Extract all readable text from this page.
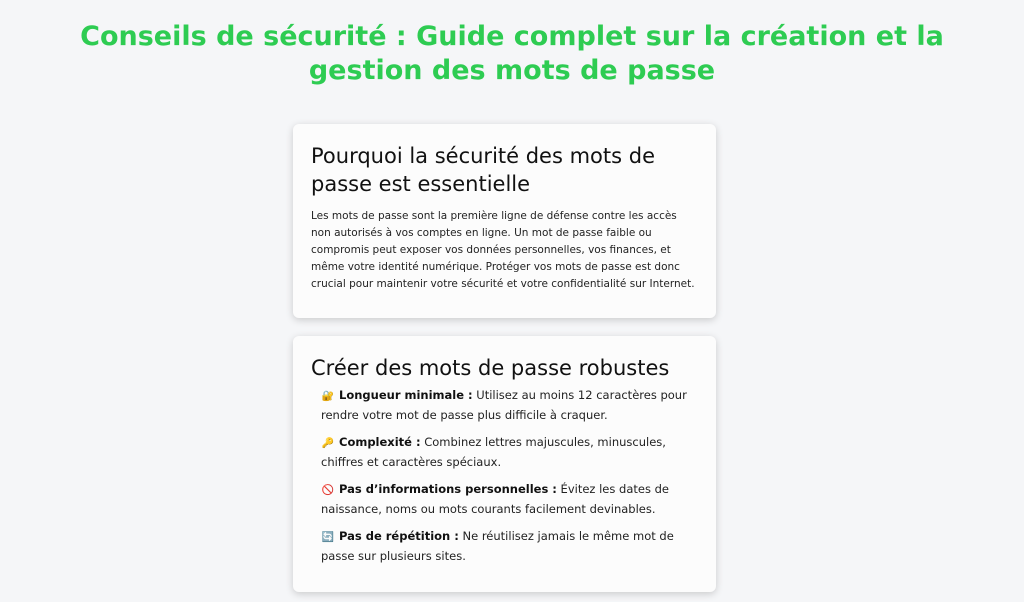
Conseils de sécurité : Guide complet sur la création et la gestion des mots de passe
Pourquoi la sécurité des mots de passe est essentielle

Les mots de passe sont la première ligne de défense contre les accès non autorisés à vos comptes en ligne. Un mot de passe faible ou compromis peut exposer vos données personnelles, vos finances, et même votre identité numérique. Protéger vos mots de passe est donc crucial pour maintenir votre sécurité et votre confidentialité sur Internet.

Créer des mots de passe robustes
🔐 Longueur minimale : Utilisez au moins 12 caractères pour rendre votre mot de passe plus difficile à craquer.
🔑 Complexité : Combinez lettres majuscules, minuscules, chiffres et caractères spéciaux.
🚫 Pas d’informations personnelles : Évitez les dates de naissance, noms ou mots courants facilement devinables.
🔄 Pas de répétition : Ne réutilisez jamais le même mot de passe sur plusieurs sites.
